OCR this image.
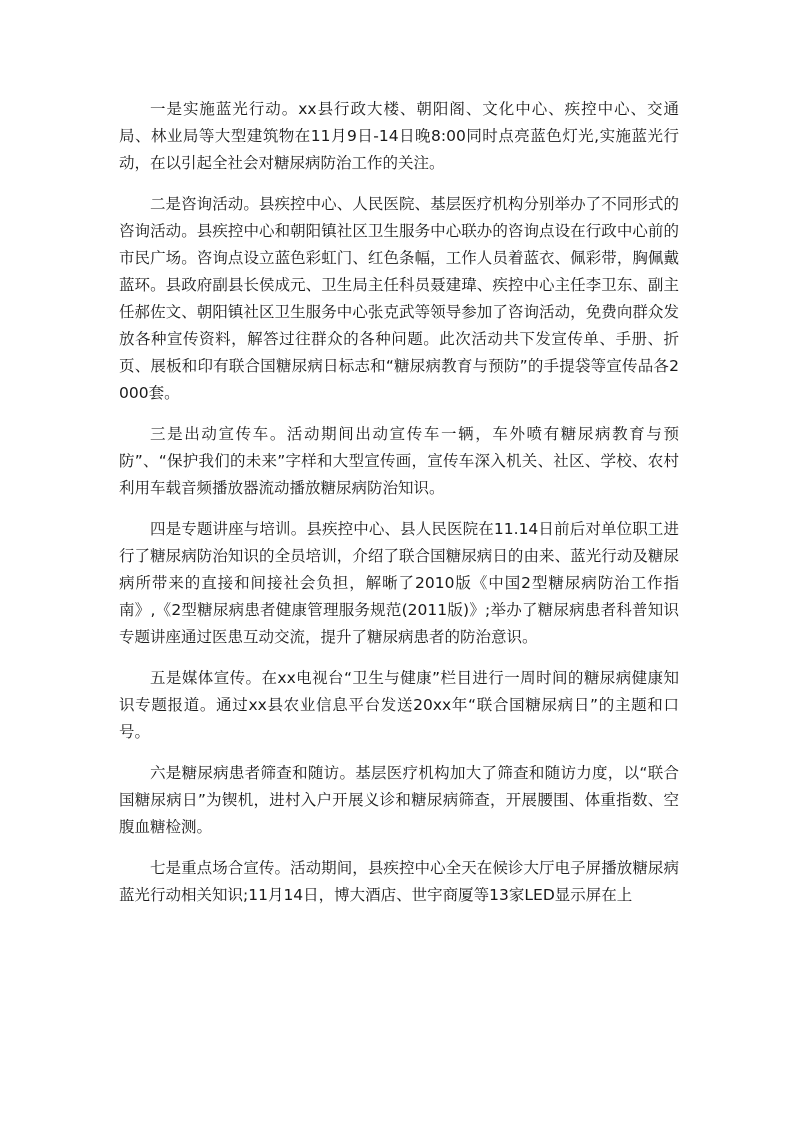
一是实施蓝光行动。xx县行政大楼、朝阳阁、文化中心、疾控中心、交通局、林业局等大型建筑物在11月9日-14日晚8:00同时点亮蓝色灯光,实施蓝光行动，在以引起全社会对糖尿病防治工作的关注。

二是咨询活动。县疾控中心、人民医院、基层医疗机构分别举办了不同形式的咨询活动。县疾控中心和朝阳镇社区卫生服务中心联办的咨询点设在行政中心前的市民广场。咨询点设立蓝色彩虹门、红色条幅，工作人员着蓝衣、佩彩带，胸佩戴蓝环。县政府副县长侯成元、卫生局主任科员聂建瑋、疾控中心主任李卫东、副主任郝佐文、朝阳镇社区卫生服务中心张克武等领导参加了咨询活动，免费向群众发放各种宣传资料，解答过往群众的各种问题。此次活动共下发宣传单、手册、折页、展板和印有联合国糖尿病日标志和“糖尿病教育与预防”的手提袋等宣传品各2000套。

三是出动宣传车。活动期间出动宣传车一辆，车外喷有糖尿病教育与预防”、“保护我们的未来”字样和大型宣传画，宣传车深入机关、社区、学校、农村利用车载音频播放器流动播放糖尿病防治知识。

四是专题讲座与培训。县疾控中心、县人民医院在11.14日前后对单位职工进行了糖尿病防治知识的全员培训，介绍了联合国糖尿病日的由来、蓝光行动及糖尿病所带来的直接和间接社会负担，解晰了2010版《中国2型糖尿病防治工作指南》,《2型糖尿病患者健康管理服务规范(2011版)》;举办了糖尿病患者科普知识专题讲座通过医患互动交流，提升了糖尿病患者的防治意识。

五是媒体宣传。在xx电视台“卫生与健康”栏目进行一周时间的糖尿病健康知识专题报道。通过xx县农业信息平台发送20xx年“联合国糖尿病日”的主题和口号。

六是糖尿病患者筛查和随访。基层医疗机构加大了筛查和随访力度，以“联合国糖尿病日”为锲机，进村入户开展义诊和糖尿病筛查，开展腰围、体重指数、空腹血糖检测。

七是重点场合宣传。活动期间，县疾控中心全天在候诊大厅电子屏播放糖尿病蓝光行动相关知识;11月14日，博大酒店、世宇商厦等13家LED显示屏在上
